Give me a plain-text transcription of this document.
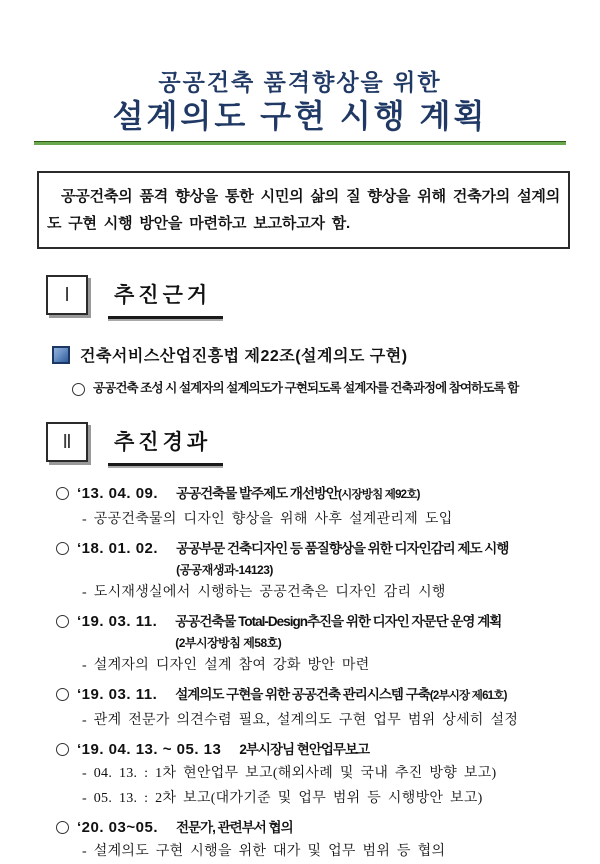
공공건축 품격향상을 위한
설계의도 구현 시행 계획
공공건축의 품격 향상을 통한 시민의 삶의 질 향상을 위해 건축가의 설계의도 구현 시행 방안을 마련하고 보고하고자 함.
Ⅰ 추진근거
건축서비스산업진흥법 제22조(설계의도 구현)
공공건축 조성 시 설계자의 설계의도가 구현되도록 설계자를 건축과정에 참여하도록 함
Ⅱ 추진경과
‘13. 04. 09. 공공건축물 발주제도 개선방안(시장방침 제92호)
- 공공건축물의 디자인 향상을 위해 사후 설계관리제 도입
‘18. 01. 02. 공공부문 건축디자인 등 품질향상을 위한 디자인감리 제도 시행
(공공재생과-14123)
- 도시재생실에서 시행하는 공공건축은 디자인 감리 시행
‘19. 03. 11. 공공건축물 Total-Design추진을 위한 디자인 자문단 운영 계획
(2부시장방침 제58호)
- 설계자의 디자인 설계 참여 강화 방안 마련
‘19. 03. 11. 설계의도 구현을 위한 공공건축 관리시스템 구축(2부시장 제61호)
- 관계 전문가 의견수렴 필요, 설계의도 구현 업무 범위 상세히 설정
‘19. 04. 13. ~ 05. 13 2부시장님 현안업무보고
- 04. 13. : 1차 현안업무 보고(해외사례 및 국내 추진 방향 보고)
- 05. 13. : 2차 보고(대가기준 및 업무 범위 등 시행방안 보고)
‘20. 03~05. 전문가, 관련부서 협의
- 설계의도 구현 시행을 위한 대가 및 업무 범위 등 협의
